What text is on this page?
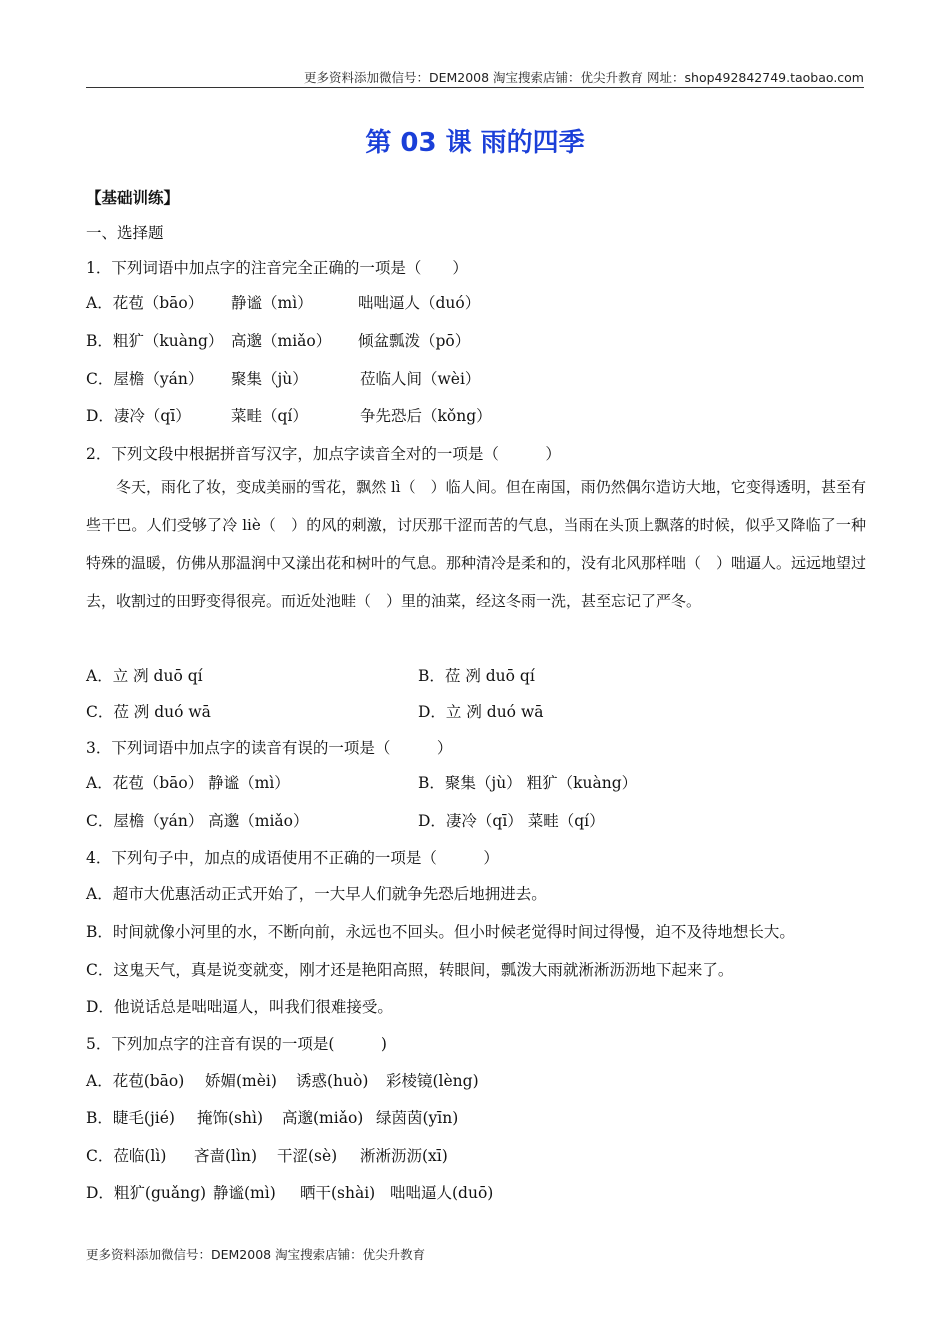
更多资料添加微信号：DEM2008 淘宝搜索店铺：优尖升教育 网址：shop492842749.taobao.com
第 03 课 雨的四季
【基础训练】
一、选择题
1．下列词语中加点字的注音完全正确的一项是（　　）
A．花苞（bāo） 静谧（mì）	咄咄逼人（duó）
B．粗犷（kuàng） 高邈（miǎo） 倾盆瓢泼（pō）
C．屋檐（yán） 聚集（jù）	莅临人间（wèi）
D．凄冷（qī）	菜畦（qí）	争先恐后（kǒng）
2．下列文段中根据拼音写汉字，加点字读音全对的一项是（　　　）
冬天，雨化了妆，变成美丽的雪花，飘然 lì（　）临人间。但在南国，雨仍然偶尔造访大地，它变得透明，甚至有些干巴。人们受够了冷 liè（　）的风的刺激，讨厌那干涩而苦的气息，当雨在头顶上飘落的时候，似乎又降临了一种特殊的温暖，仿佛从那温润中又漾出花和树叶的气息。那种清冷是柔和的，没有北风那样咄（　）咄逼人。远远地望过去，收割过的田野变得很亮。而近处池畦（　）里的油菜，经这冬雨一洗，甚至忘记了严冬。
A．立 冽 duō qí	B．莅 冽 duō qí
C．莅 冽 duó wā	D．立 冽 duó wā
3．下列词语中加点字的读音有误的一项是（　　　）
A．花苞（bāo） 静谧（mì）	B．聚集（jù） 粗犷（kuàng）
C．屋檐（yán） 高邈（miǎo）	D．凄冷（qī） 菜畦（qí）
4．下列句子中，加点的成语使用不正确的一项是（　　　）
A．超市大优惠活动正式开始了，一大早人们就争先恐后地拥进去。
B．时间就像小河里的水，不断向前，永远也不回头。但小时候老觉得时间过得慢，迫不及待地想长大。
C．这鬼天气，真是说变就变，刚才还是艳阳高照，转眼间，瓢泼大雨就淅淅沥沥地下起来了。
D．他说话总是咄咄逼人，叫我们很难接受。
5．下列加点字的注音有误的一项是(　　　)
A．花苞(bāo) 娇媚(mèi) 诱惑(huò) 彩棱镜(lèng)
B．睫毛(jié) 掩饰(shì) 高邈(miǎo) 绿茵茵(yīn)
C．莅临(lì) 吝啬(lìn) 干涩(sè) 淅淅沥沥(xī)
D．粗犷(guǎng) 静谧(mì) 晒干(shài) 咄咄逼人(duō)
更多资料添加微信号：DEM2008 淘宝搜索店铺：优尖升教育
